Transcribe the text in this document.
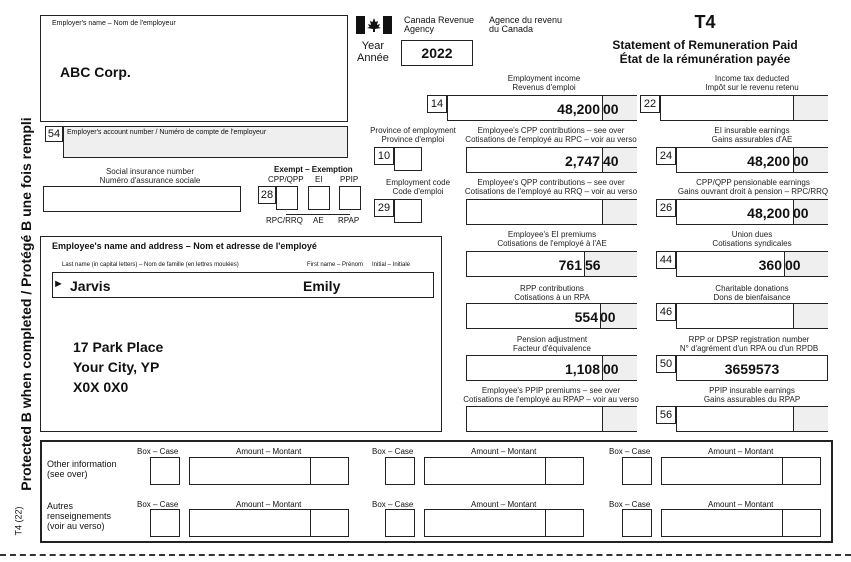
Protected B when completed / Protégé B une fois rempli
T4 (22)
Employer's name – Nom de l'employeur
ABC Corp.
Canada Revenue
Agency
Agence du revenu
du Canada
Year
Année	2022
T4
Statement of Remuneration Paid
État de la rémunération payée
Employment income
Revenus d'emploi
14	48,200 00
Income tax deducted
Impôt sur le revenu retenu
22
54 Employer's account number / Numéro de compte de l'employeur	Province of employment
Province d'emploi
10
Employee's CPP contributions – see over
Cotisations de l'employé au RPC – voir au verso
2,747 40
EI insurable earnings
Gains assurables d'AE
24	48,200 00
Social insurance number
Numéro d'assurance sociale
Exempt – Exemption
CPP/QPP EI PPIP
28
RPC/RRQ AE RPAP
Employment code
Code d'emploi
29
Employee's QPP contributions – see over
Cotisations de l'employé au RRQ – voir au verso
CPP/QPP pensionable earnings
Gains ouvrant droit à pension – RPC/RRQ
26	48,200 00
Employee's name and address – Nom et adresse de l'employé
Last name (in capital letters) – Nom de famille (en lettres moulées)	First name – Prénom Initial – Initiale
► Jarvis	Emily
17 Park Place
Your City, YP
X0X 0X0
Employee's EI premiums
Cotisations de l'employé à l'AE
761 56
Union dues
Cotisations syndicales
44	360 00
RPP contributions
Cotisations à un RPA
554 00
Charitable donations
Dons de bienfaisance
46
Pension adjustment
Facteur d'équivalence
1,108 00
RPP or DPSP registration number
N° d'agrément d'un RPA ou d'un RPDB
50	3659573
Employee's PPIP premiums – see over
Cotisations de l'employé au RPAP – voir au verso
PPIP insurable earnings
Gains assurables du RPAP
56
Other information
(see over)
Autres
renseignements
(voir au verso)
Box – Case	Amount – Montant
Box – Case	Amount – Montant
Box – Case	Amount – Montant
Box – Case	Amount – Montant
Box – Case	Amount – Montant
Box – Case	Amount – Montant
